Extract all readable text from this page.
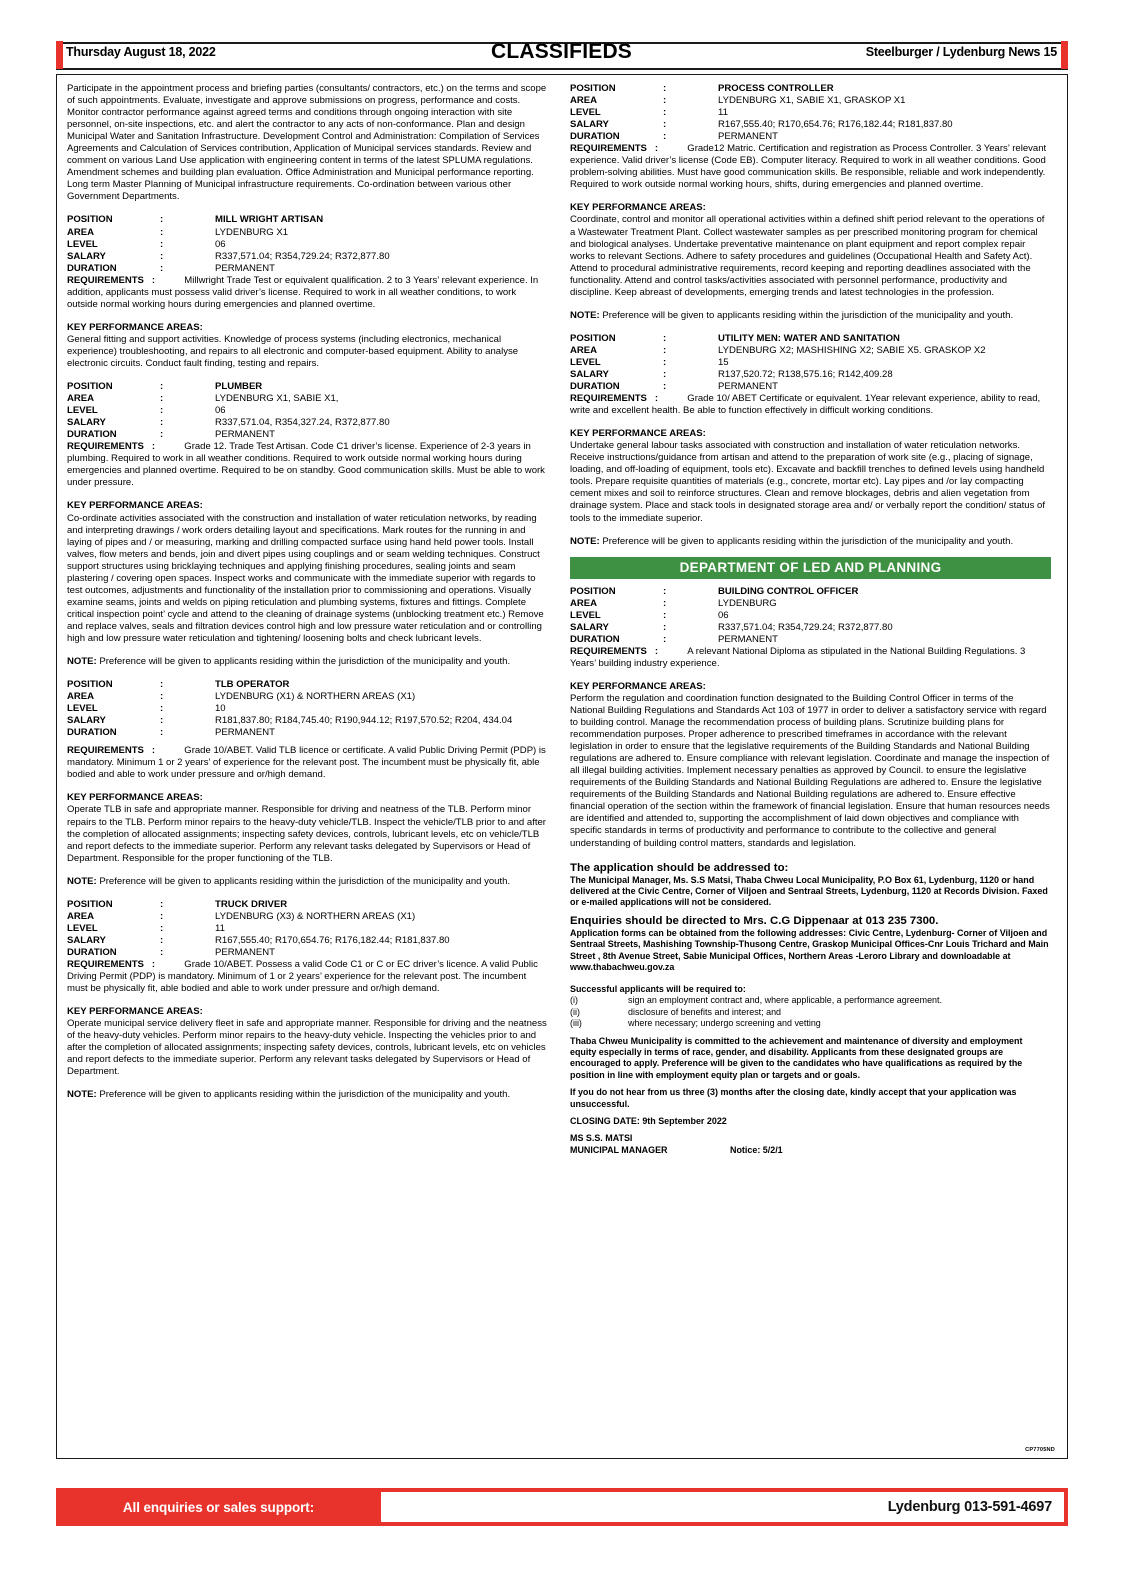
Thursday August 18, 2022	CLASSIFIEDS	Steelburger / Lydenburg News 15

Participate in the appointment process and briefing parties (consultants/ contractors, etc.) on the terms and scope of such appointments. Evaluate, investigate and approve submissions on progress, performance and costs. Monitor contractor performance against agreed terms and conditions through ongoing interaction with site personnel, on-site inspections, etc. and alert the contractor to any acts of non-conformance. Plan and design Municipal Water and Sanitation Infrastructure. Development Control and Administration: Compilation of Services Agreements and Calculation of Services contribution, Application of Municipal services standards. Review and comment on various Land Use application with engineering content in terms of the latest SPLUMA regulations. Amendment schemes and building plan evaluation. Office Administration and Municipal performance reporting. Long term Master Planning of Municipal infrastructure requirements. Co-ordination between various other Government Departments.

POSITION	:	MILL WRIGHT ARTISAN
AREA	:	LYDENBURG X1
LEVEL	:	06
SALARY	:	R337,571.04; R354,729.24; R372,877.80
DURATION	:	PERMANENT

REQUIREMENTS :	Millwright Trade Test or equivalent qualification. 2 to 3 Years’ relevant experience. In addition, applicants must possess valid driver’s license. Required to work in all weather conditions, to work outside normal working hours during emergencies and planned overtime.

KEY PERFORMANCE AREAS:

General fitting and support activities. Knowledge of process systems (including electronics, mechanical experience) troubleshooting, and repairs to all electronic and computer-based equipment. Ability to analyse electronic circuits. Conduct fault finding, testing and repairs.

POSITION	:	PLUMBER
AREA	:	LYDENBURG X1, SABIE X1,
LEVEL	:	06
SALARY	:	R337,571.04, R354,327.24, R372,877.80
DURATION	:	PERMANENT

REQUIREMENTS :	Grade 12. Trade Test Artisan. Code C1 driver’s license. Experience of 2-3 years in plumbing. Required to work in all weather conditions. Required to work outside normal working hours during emergencies and planned overtime. Required to be on standby. Good communication skills. Must be able to work under pressure.

KEY PERFORMANCE AREAS:

Co-ordinate activities associated with the construction and installation of water reticulation networks, by reading and interpreting drawings / work orders detailing layout and specifications. Mark routes for the running in and laying of pipes and / or measuring, marking and drilling compacted surface using hand held power tools. Install valves, flow meters and bends, join and divert pipes using couplings and or seam welding techniques. Construct support structures using bricklaying techniques and applying finishing procedures, sealing joints and seam plastering / covering open spaces. Inspect works and communicate with the immediate superior with regards to test outcomes, adjustments and functionality of the installation prior to commissioning and operations. Visually examine seams, joints and welds on piping reticulation and plumbing systems, fixtures and fittings. Complete critical inspection point’ cycle and attend to the cleaning of drainage systems (unblocking treatment etc.) Remove and replace valves, seals and filtration devices control high and low pressure water reticulation and or controlling high and low pressure water reticulation and tightening/ loosening bolts and check lubricant levels.

NOTE: Preference will be given to applicants residing within the jurisdiction of the municipality and youth.

POSITION	:	TLB OPERATOR
AREA	:	LYDENBURG (X1) & NORTHERN AREAS (X1)
LEVEL	:	10
SALARY	:	R181,837.80; R184,745.40; R190,944.12; R197,570.52; R204, 434.04
DURATION	:	PERMANENT

REQUIREMENTS :	Grade 10/ABET. Valid TLB licence or certificate. A valid Public Driving Permit (PDP) is mandatory. Minimum 1 or 2 years’ of experience for the relevant post. The incumbent must be physically fit, able bodied and able to work under pressure and or/high demand.

KEY PERFORMANCE AREAS:

Operate TLB in safe and appropriate manner. Responsible for driving and neatness of the TLB. Perform minor repairs to the TLB. Perform minor repairs to the heavy-duty vehicle/TLB. Inspect the vehicle/TLB prior to and after the completion of allocated assignments; inspecting safety devices, controls, lubricant levels, etc on vehicle/TLB and report defects to the immediate superior. Perform any relevant tasks delegated by Supervisors or Head of Department. Responsible for the proper functioning of the TLB.

NOTE: Preference will be given to applicants residing within the jurisdiction of the municipality and youth.

POSITION	:	TRUCK DRIVER
AREA	:	LYDENBURG (X3) & NORTHERN AREAS (X1)
LEVEL	:	11
SALARY	:	R167,555.40; R170,654.76; R176,182.44; R181,837.80
DURATION	:	PERMANENT

REQUIREMENTS :	Grade 10/ABET. Possess a valid Code C1 or C or EC driver’s licence. A valid Public Driving Permit (PDP) is mandatory. Minimum of 1 or 2 years’ experience for the relevant post. The incumbent must be physically fit, able bodied and able to work under pressure and or/high demand.

KEY PERFORMANCE AREAS:

Operate municipal service delivery fleet in safe and appropriate manner. Responsible for driving and the neatness of the heavy-duty vehicles. Perform minor repairs to the heavy-duty vehicle. Inspecting the vehicles prior to and after the completion of allocated assignments; inspecting safety devices, controls, lubricant levels, etc on vehicles and report defects to the immediate superior. Perform any relevant tasks delegated by Supervisors or Head of Department.

NOTE: Preference will be given to applicants residing within the jurisdiction of the municipality and youth.

POSITION	:	PROCESS CONTROLLER
AREA	:	LYDENBURG X1, SABIE X1, GRASKOP X1
LEVEL	:	11
SALARY	:	R167,555.40; R170,654.76; R176,182.44; R181,837.80
DURATION	:	PERMANENT

REQUIREMENTS :	Grade12 Matric. Certification and registration as Process Controller. 3 Years’ relevant experience. Valid driver’s license (Code EB). Computer literacy. Required to work in all weather conditions. Good problem-solving abilities. Must have good communication skills. Be responsible, reliable and work independently. Required to work outside normal working hours, shifts, during emergencies and planned overtime.

KEY PERFORMANCE AREAS:

Coordinate, control and monitor all operational activities within a defined shift period relevant to the operations of a Wastewater Treatment Plant. Collect wastewater samples as per prescribed monitoring program for chemical and biological analyses. Undertake preventative maintenance on plant equipment and report complex repair works to relevant Sections. Adhere to safety procedures and guidelines (Occupational Health and Safety Act). Attend to procedural administrative requirements, record keeping and reporting deadlines associated with the functionality. Attend and control tasks/activities associated with personnel performance, productivity and discipline. Keep abreast of developments, emerging trends and latest technologies in the profession.

NOTE: Preference will be given to applicants residing within the jurisdiction of the municipality and youth.

POSITION	:	UTILITY MEN: WATER AND SANITATION
AREA	:	LYDENBURG X2; MASHISHING X2; SABIE X5. GRASKOP X2
LEVEL	:	15
SALARY	:	R137,520.72; R138,575.16; R142,409.28
DURATION	:	PERMANENT

REQUIREMENTS :	Grade 10/ ABET Certificate or equivalent. 1Year relevant experience, ability to read, write and excellent health. Be able to function effectively in difficult working conditions.

KEY PERFORMANCE AREAS:

Undertake general labour tasks associated with construction and installation of water reticulation networks. Receive instructions/guidance from artisan and attend to the preparation of work site (e.g., placing of signage, loading, and off-loading of equipment, tools etc). Excavate and backfill trenches to defined levels using handheld tools. Prepare requisite quantities of materials (e.g., concrete, mortar etc). Lay pipes and /or lay compacting cement mixes and soil to reinforce structures. Clean and remove blockages, debris and alien vegetation from drainage system. Place and stack tools in designated storage area and/ or verbally report the condition/ status of tools to the immediate superior.

NOTE: Preference will be given to applicants residing within the jurisdiction of the municipality and youth.

DEPARTMENT OF LED AND PLANNING
POSITION	:	BUILDING CONTROL OFFICER
AREA	:	LYDENBURG
LEVEL	:	06
SALARY	:	R337,571.04; R354,729.24; R372,877.80
DURATION	:	PERMANENT

REQUIREMENTS :	A relevant National Diploma as stipulated in the National Building Regulations. 3 Years’ building industry experience.

KEY PERFORMANCE AREAS:

Perform the regulation and coordination function designated to the Building Control Officer in terms of the National Building Regulations and Standards Act 103 of 1977 in order to deliver a satisfactory service with regard to building control. Manage the recommendation process of building plans. Scrutinize building plans for recommendation purposes. Proper adherence to prescribed timeframes in accordance with the relevant legislation in order to ensure that the legislative requirements of the Building Standards and National Building regulations are adhered to. Ensure compliance with relevant legislation. Coordinate and manage the inspection of all illegal building activities. Implement necessary penalties as approved by Council. to ensure the legislative requirements of the Building Standards and National Building Regulations are adhered to. Ensure the legislative requirements of the Building Standards and National Building regulations are adhered to. Ensure effective financial operation of the section within the framework of financial legislation. Ensure that human resources needs are identified and attended to, supporting the accomplishment of laid down objectives and compliance with specific standards in terms of productivity and performance to contribute to the collective and general understanding of building control matters, standards and legislation.

The application should be addressed to:

The Municipal Manager, Ms. S.S Matsi, Thaba Chweu Local Municipality, P.O Box 61, Lydenburg, 1120 or hand delivered at the Civic Centre, Corner of Viljoen and Sentraal Streets, Lydenburg, 1120 at Records Division. Faxed or e-mailed applications will not be considered.

Enquiries should be directed to Mrs. C.G Dippenaar at 013 235 7300.

Application forms can be obtained from the following addresses: Civic Centre, Lydenburg- Corner of Viljoen and Sentraal Streets, Mashishing Township-Thusong Centre, Graskop Municipal Offices-Cnr Louis Trichard and Main Street , 8th Avenue Street, Sabie Municipal Offices, Northern Areas -Leroro Library and downloadable at www.thabachweu.gov.za

Successful applicants will be required to:

(i)	sign an employment contract and, where applicable, a performance agreement.
(ii)	disclosure of benefits and interest; and
(iii)	where necessary; undergo screening and vetting

Thaba Chweu Municipality is committed to the achievement and maintenance of diversity and employment equity especially in terms of race, gender, and disability. Applicants from these designated groups are encouraged to apply. Preference will be given to the candidates who have qualifications as required by the position in line with employment equity plan or targets and or goals.

If you do not hear from us three (3) months after the closing date, kindly accept that your application was unsuccessful.

CLOSING DATE: 9th September 2022

MS S.S. MATSI

MUNICIPAL MANAGER	Notice: 5/2/1
CP7705ND
All enquiries or sales support:	Lydenburg 013-591-4697
